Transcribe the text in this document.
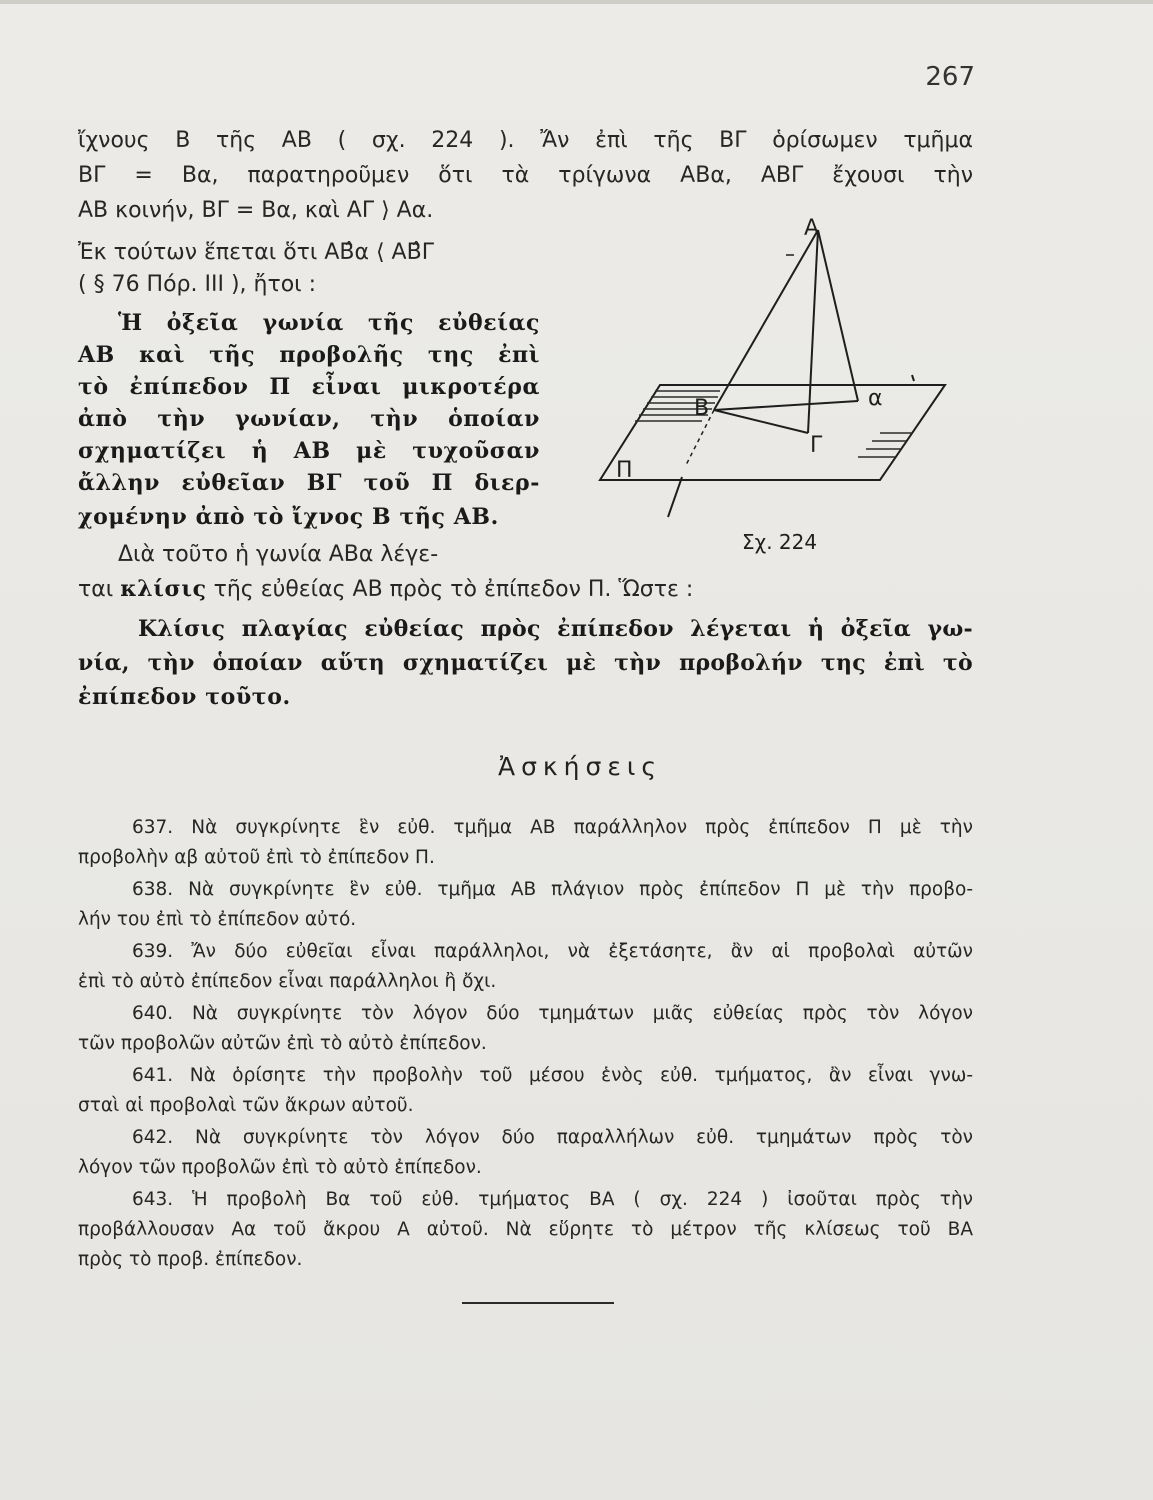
267
ἴχνους Β τῆς ΑΒ ( σχ. 224 ). Ἄν ἐπὶ τῆς ΒΓ ὁρίσωμεν τμῆμα
ΒΓ = Βα, παρατηροῦμεν ὅτι τὰ τρίγωνα ΑΒα, ΑΒΓ ἔχουσι τὴν
ΑΒ κοινήν, ΒΓ = Βα, καὶ ΑΓ ⟩ Αα.
Ἐκ τούτων ἕπεται ὅτι ΑΒ̂α ⟨ ΑΒ̂Γ
( § 76 Πόρ. ΙΙΙ ), ἤτοι :
Ἡ ὀξεῖα γωνία τῆς εὐθείας
ΑΒ καὶ τῆς προβολῆς της ἐπὶ
τὸ ἐπίπεδον Π εἶναι μικροτέρα
ἀπὸ τὴν γωνίαν, τὴν ὁποίαν
σχηματίζει ἡ ΑΒ μὲ τυχοῦσαν
ἄλλην εὐθεῖαν ΒΓ τοῦ Π διερ-
χομένην ἀπὸ τὸ ἴχνος Β τῆς ΑΒ.
Διὰ τοῦτο ἡ γωνία ΑΒα λέγε-
ται κλίσις τῆς εὐθείας ΑΒ πρὸς τὸ ἐπίπεδον Π. Ὥστε :
Κλίσις πλαγίας εὐθείας πρὸς ἐπίπεδον λέγεται ἡ ὀξεῖα γω-
νία, τὴν ὁποίαν αὕτη σχηματίζει μὲ τὴν προβολήν της ἐπὶ τὸ
ἐπίπεδον τοῦτο.
Ἀσκήσεις
637. Νὰ συγκρίνητε ἓν εὐθ. τμῆμα ΑΒ παράλληλον πρὸς ἐπίπεδον Π μὲ τὴν
προβολὴν αβ αὐτοῦ ἐπὶ τὸ ἐπίπεδον Π.
638. Νὰ συγκρίνητε ἓν εὐθ. τμῆμα ΑΒ πλάγιον πρὸς ἐπίπεδον Π μὲ τὴν προβο-
λήν του ἐπὶ τὸ ἐπίπεδον αὐτό.
639. Ἄν δύο εὐθεῖαι εἶναι παράλληλοι, νὰ ἐξετάσητε, ἂν αἱ προβολαὶ αὐτῶν
ἐπὶ τὸ αὐτὸ ἐπίπεδον εἶναι παράλληλοι ἢ ὄχι.
640. Νὰ συγκρίνητε τὸν λόγον δύο τμημάτων μιᾶς εὐθείας πρὸς τὸν λόγον
τῶν προβολῶν αὐτῶν ἐπὶ τὸ αὐτὸ ἐπίπεδον.
641. Νὰ ὁρίσητε τὴν προβολὴν τοῦ μέσου ἑνὸς εὐθ. τμήματος, ἂν εἶναι γνω-
σταὶ αἱ προβολαὶ τῶν ἄκρων αὐτοῦ.
642. Νὰ συγκρίνητε τὸν λόγον δύο παραλλήλων εὐθ. τμημάτων πρὸς τὸν
λόγον τῶν προβολῶν ἐπὶ τὸ αὐτὸ ἐπίπεδον.
643. Ἡ προβολὴ Βα τοῦ εὐθ. τμήματος ΒΑ ( σχ. 224 ) ἰσοῦται πρὸς τὴν
προβάλλουσαν Αα τοῦ ἄκρου Α αὐτοῦ. Νὰ εὕρητε τὸ μέτρον τῆς κλίσεως τοῦ ΒΑ
πρὸς τὸ προβ. ἐπίπεδον.
Α
Β	α
Γ
Π
Σχ. 224
